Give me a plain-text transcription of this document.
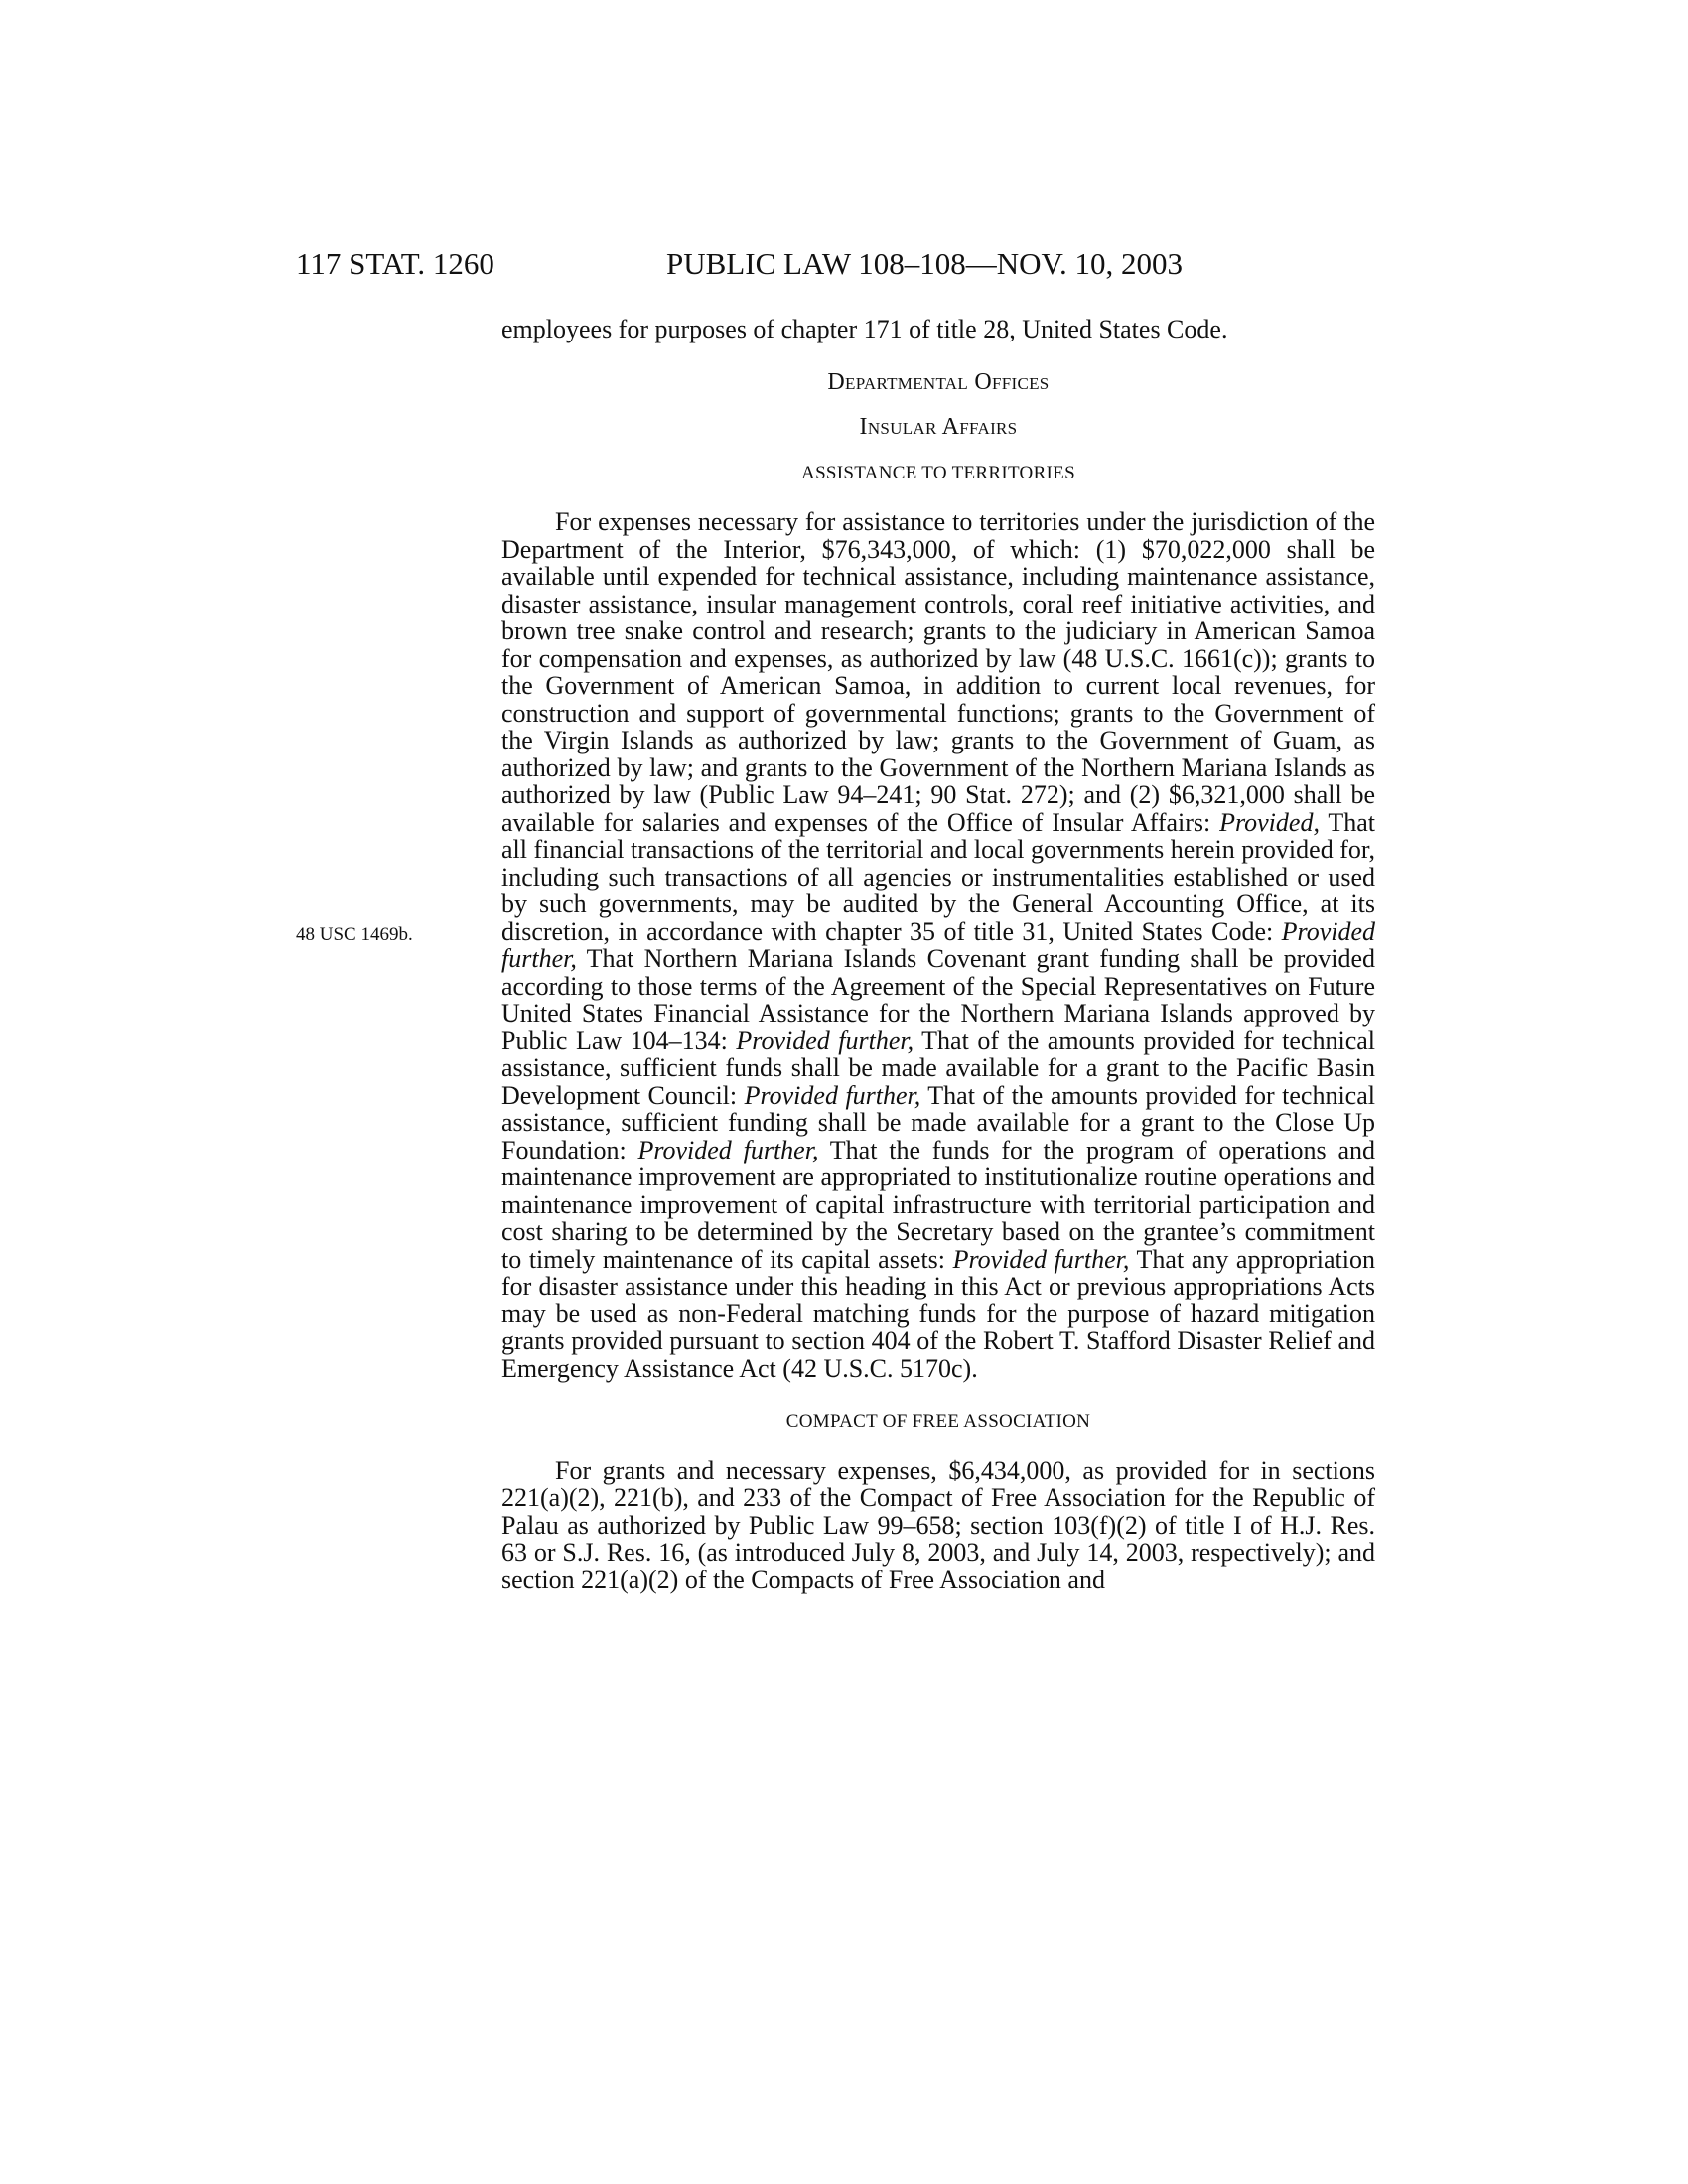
117 STAT. 1260	PUBLIC LAW 108–108—NOV. 10, 2003
48 USC 1469b.

employees for purposes of chapter 171 of title 28, United States Code.

Departmental Offices

Insular Affairs

ASSISTANCE TO TERRITORIES

For expenses necessary for assistance to territories under the jurisdiction of the Department of the Interior, $76,343,000, of which: (1) $70,022,000 shall be available until expended for technical assistance, including maintenance assistance, disaster assistance, insular management controls, coral reef initiative activities, and brown tree snake control and research; grants to the judiciary in American Samoa for compensation and expenses, as authorized by law (48 U.S.C. 1661(c)); grants to the Government of American Samoa, in addition to current local revenues, for construction and support of governmental functions; grants to the Government of the Virgin Islands as authorized by law; grants to the Government of Guam, as authorized by law; and grants to the Government of the Northern Mariana Islands as authorized by law (Public Law 94–241; 90 Stat. 272); and (2) $6,321,000 shall be available for salaries and expenses of the Office of Insular Affairs: Provided, That all financial transactions of the territorial and local governments herein provided for, including such transactions of all agencies or instrumentalities established or used by such governments, may be audited by the General Accounting Office, at its discretion, in accordance with chapter 35 of title 31, United States Code: Provided further, That Northern Mariana Islands Covenant grant funding shall be provided according to those terms of the Agreement of the Special Representatives on Future United States Financial Assistance for the Northern Mariana Islands approved by Public Law 104–134: Provided further, That of the amounts provided for technical assistance, sufficient funds shall be made available for a grant to the Pacific Basin Development Council: Provided further, That of the amounts provided for technical assistance, sufficient funding shall be made available for a grant to the Close Up Foundation: Provided further, That the funds for the program of operations and maintenance improvement are appropriated to institutionalize routine operations and maintenance improvement of capital infrastructure with territorial participation and cost sharing to be determined by the Secretary based on the grantee’s commitment to timely maintenance of its capital assets: Provided further, That any appropriation for disaster assistance under this heading in this Act or previous appropriations Acts may be used as non-Federal matching funds for the purpose of hazard mitigation grants provided pursuant to section 404 of the Robert T. Stafford Disaster Relief and Emergency Assistance Act (42 U.S.C. 5170c).

COMPACT OF FREE ASSOCIATION

For grants and necessary expenses, $6,434,000, as provided for in sections 221(a)(2), 221(b), and 233 of the Compact of Free Association for the Republic of Palau as authorized by Public Law 99–658; section 103(f)(2) of title I of H.J. Res. 63 or S.J. Res. 16, (as introduced July 8, 2003, and July 14, 2003, respectively); and section 221(a)(2) of the Compacts of Free Association and
